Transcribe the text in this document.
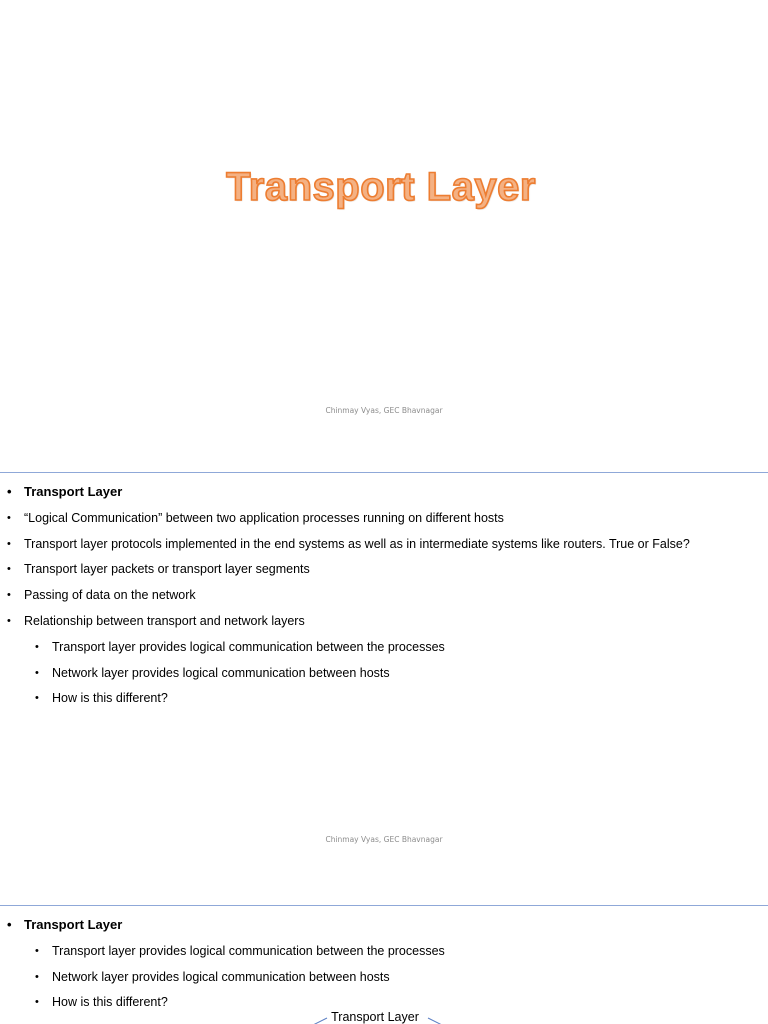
Transport Layer
Chinmay Vyas, GEC Bhavnagar
• Transport Layer
• “Logical Communication” between two application processes running on different hosts
• Transport layer protocols implemented in the end systems as well as in intermediate systems like routers. True or False?
• Transport layer packets or transport layer segments
• Passing of data on the network
• Relationship between transport and network layers
• Transport layer provides logical communication between the processes
• Network layer provides logical communication between hosts
• How is this different?
Chinmay Vyas, GEC Bhavnagar
• Transport Layer
• Transport layer provides logical communication between the processes
• Network layer provides logical communication between hosts
• How is this different?
Transport Layer
